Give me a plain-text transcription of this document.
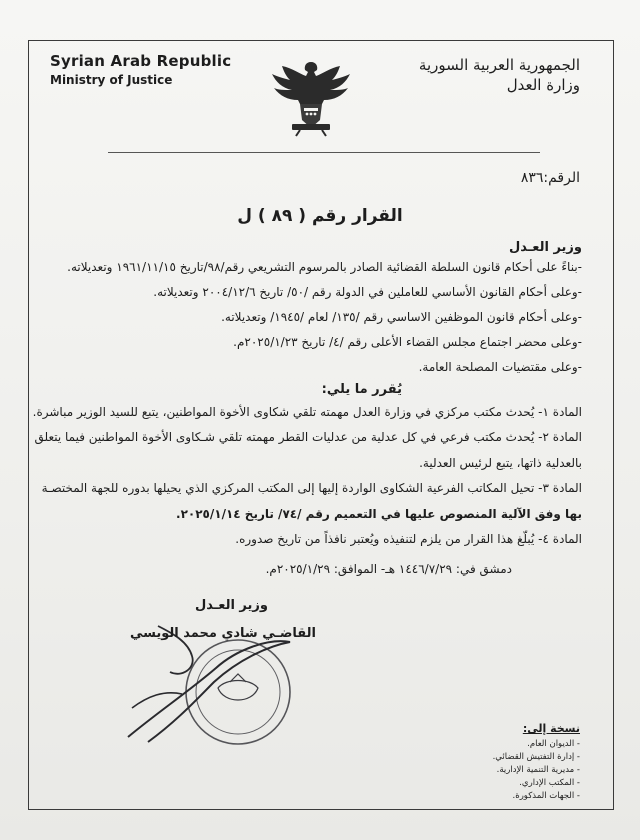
Syrian Arab Republic
Ministry of Justice
الجمهورية العربية السورية
وزارة العدل
الرقم:٨٣٦
القرار رقم ( ٨٩ ) ل
وزير العـدل
-بناءً على أحكام قانون السلطة القضائية الصادر بالمرسوم التشريعي رقم/٩٨/تاريخ ١٩٦١/١١/١٥ وتعديلاته.
-وعلى أحكام القانون الأساسي للعاملين في الدولة رقم /٥٠/ تاريخ ٢٠٠٤/١٢/٦ وتعديلاته.
-وعلى أحكام قانون الموظفين الاساسي رقم /١٣٥/ لعام /١٩٤٥/ وتعديلاته.
-وعلى محضر اجتماع مجلس القضاء الأعلى رقم /٤/ تاريخ ٢٠٢٥/١/٢٣م.
-وعلى مقتضيات المصلحة العامة.
يُقرر ما يلي:
المادة ١- يُحدث مكتب مركزي في وزارة العدل مهمته تلقي شكاوى الأخوة المواطنين، يتبع للسيد الوزير مباشرة.
المادة ٢- يُحدث مكتب فرعي في كل عدلية من عدليات القطر مهمته تلقي شـكاوى الأخوة المواطنين فيما يتعلق
بالعدلية ذاتها، يتبع لرئيس العدلية.
المادة ٣- تحيل المكاتب الفرعية الشكاوى الواردة إليها إلى المكتب المركزي الذي يحيلها بدوره للجهة المختصـة
بها وفق الآلية المنصوص عليها في التعميم رقم /٧٤/ تاريخ ٢٠٢٥/١/١٤.
المادة ٤- يُبلّغ هذا القرار من يلزم لتنفيذه ويُعتبر نافذاً من تاريخ صدوره.
دمشق في: ١٤٤٦/٧/٢٩ هـ- الموافق: ٢٠٢٥/١/٢٩م.
وزير العـدل
القاضـي شادي محمد الويسي
نسخة إلى:
- الديوان العام.
- إدارة التفتيش القضائي.
- مديرية التنمية الإدارية.
- المكتب الإداري.
- الجهات المذكورة.
